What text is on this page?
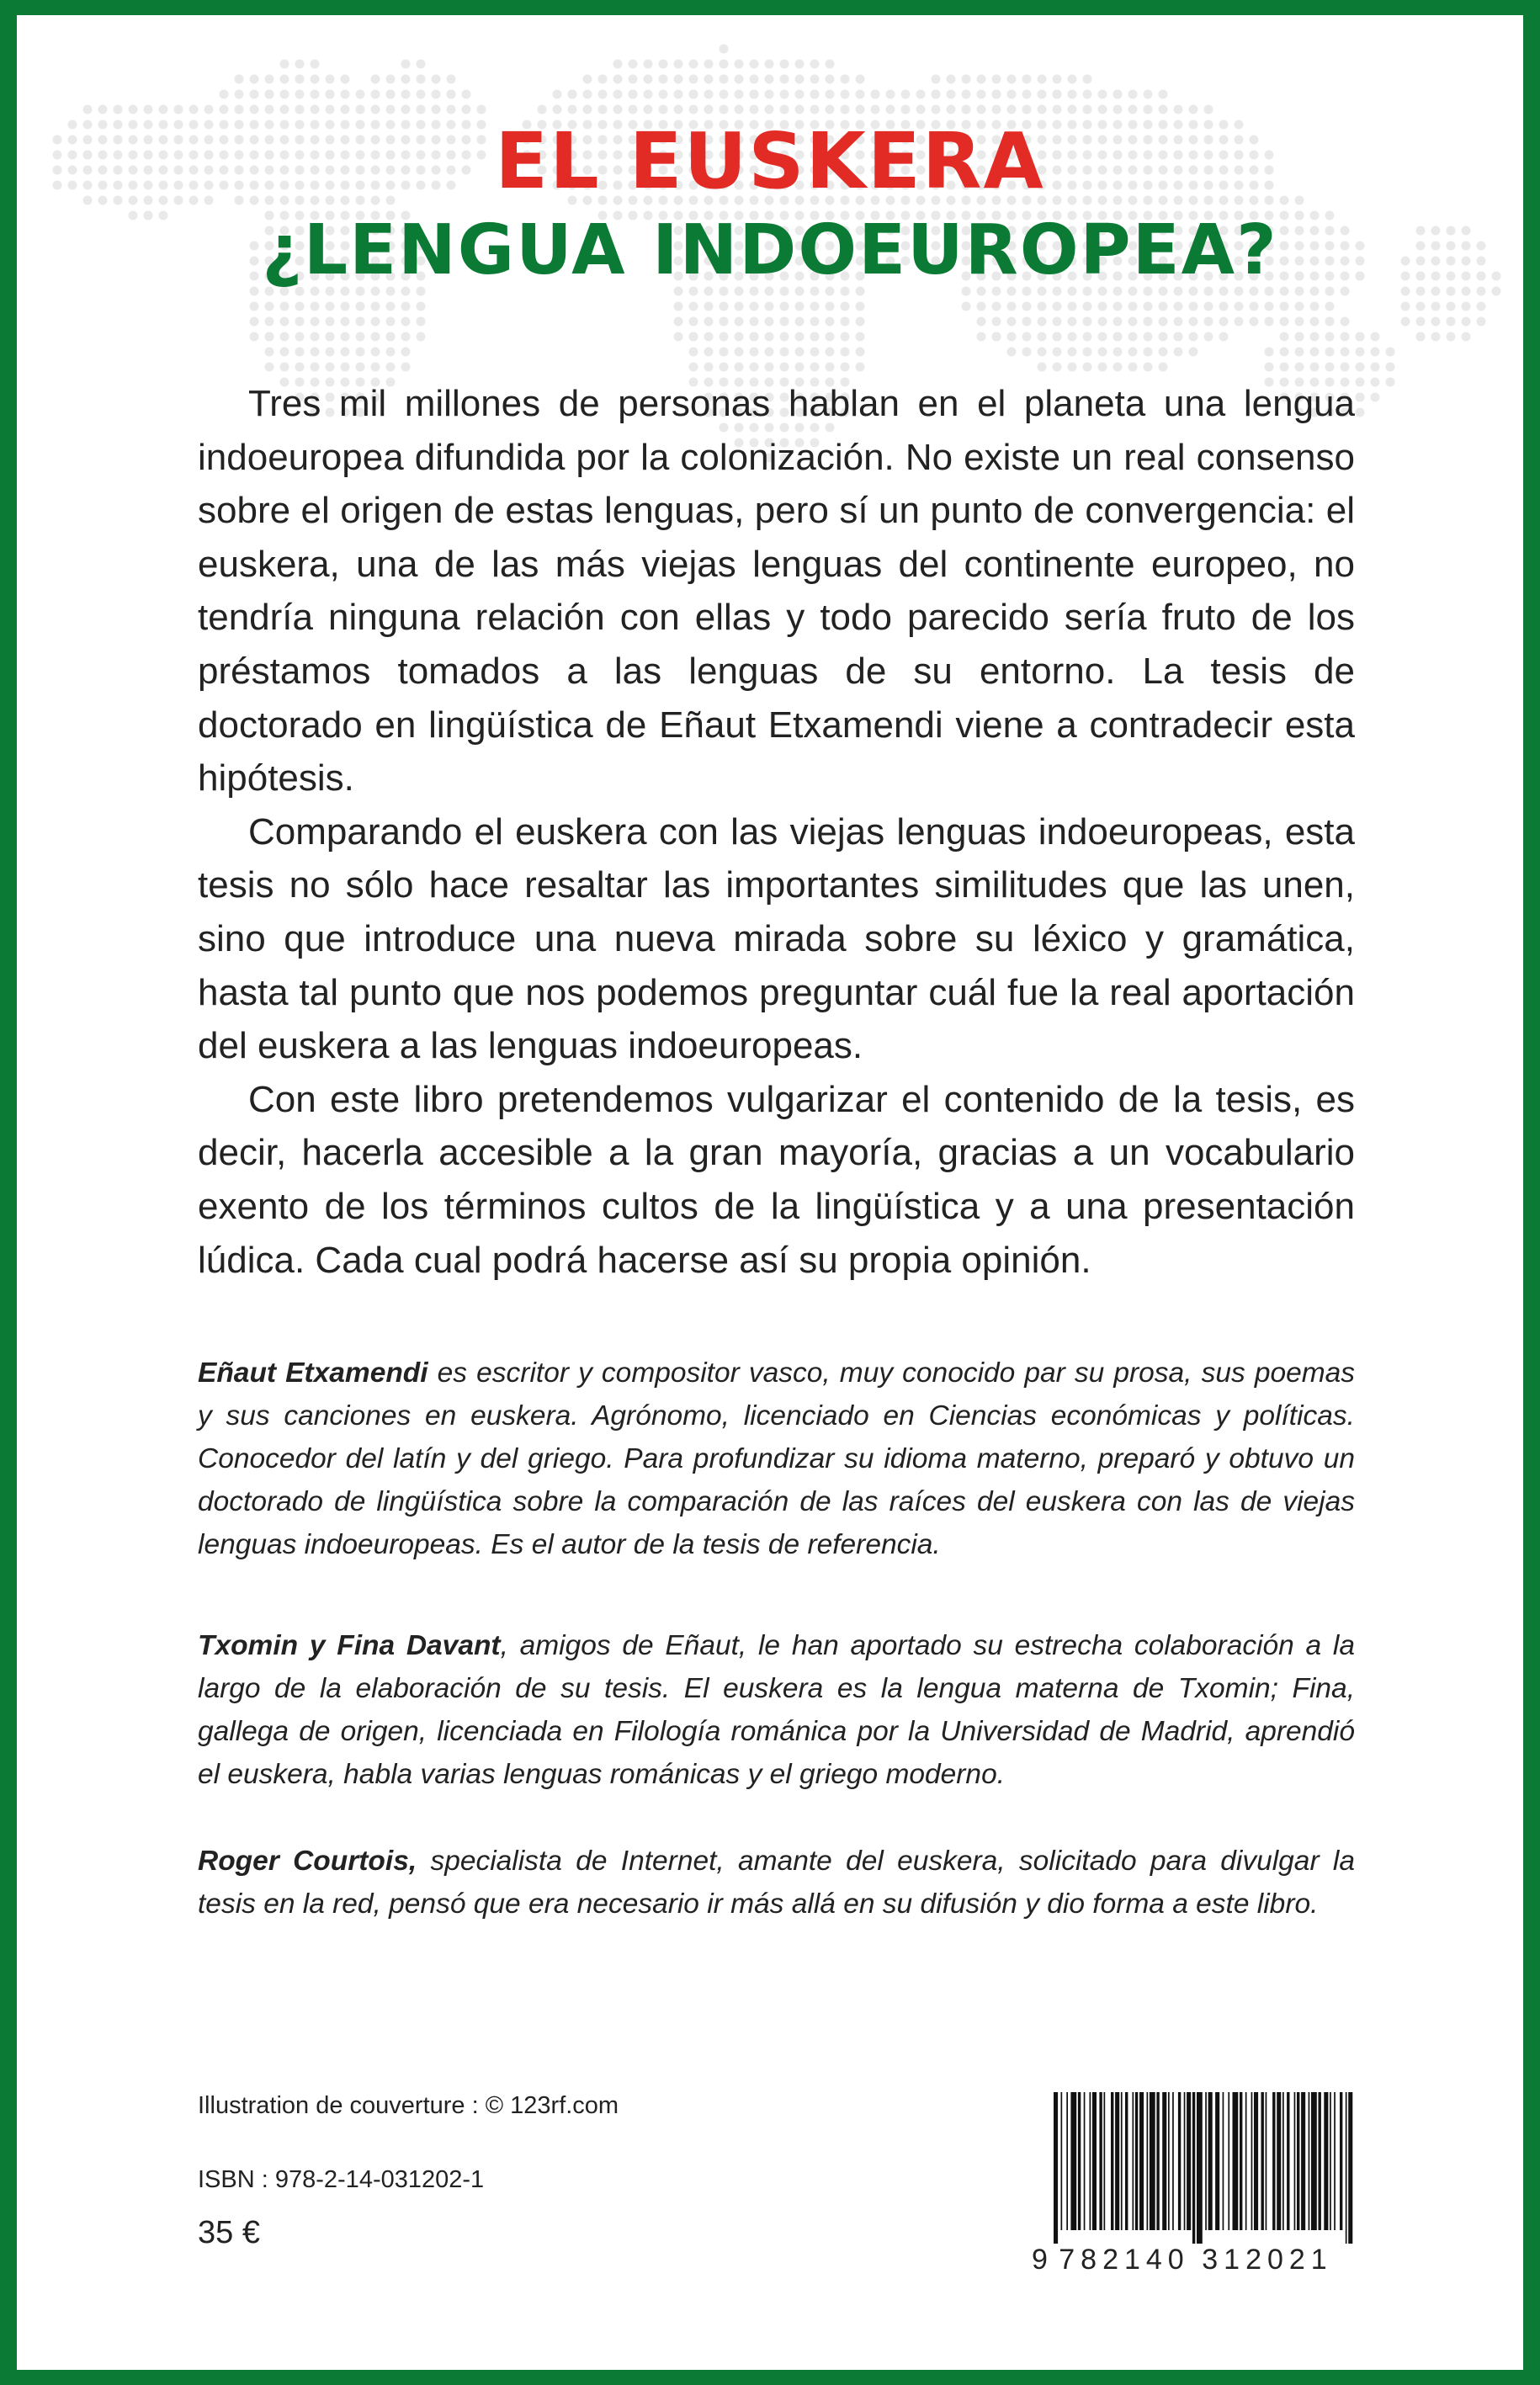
EL EUSKERA
¿LENGUA INDOEUROPEA?

Tres mil millones de personas hablan en el planeta una lengua indoeuropea difundida por la colonización. No existe un real consenso sobre el origen de estas lenguas, pero sí un punto de convergencia: el euskera, una de las más viejas lenguas del continente europeo, no tendría ninguna relación con ellas y todo parecido sería fruto de los préstamos tomados a las lenguas de su entorno. La tesis de doctorado en lingüística de Eñaut Etxamendi viene a contradecir esta hipótesis.

Comparando el euskera con las viejas lenguas indoeuropeas, esta tesis no sólo hace resaltar las importantes similitudes que las unen, sino que introduce una nueva mirada sobre su léxico y gramática, hasta tal punto que nos podemos preguntar cuál fue la real aportación del euskera a las lenguas indoeuropeas.

Con este libro pretendemos vulgarizar el contenido de la tesis, es decir, hacerla accesible a la gran mayoría, gracias a un vocabulario exento de los términos cultos de la lingüística y a una presentación lúdica. Cada cual podrá hacerse así su propia opinión.

Eñaut Etxamendi es escritor y compositor vasco, muy conocido par su prosa, sus poemas y sus canciones en euskera. Agrónomo, licenciado en Ciencias económicas y políticas. Conocedor del latín y del griego. Para profundizar su idioma materno, preparó y obtuvo un doctorado de lingüística sobre la comparación de las raíces del euskera con las de viejas lenguas indoeuropeas. Es el autor de la tesis de referencia.

Txomin y Fina Davant, amigos de Eñaut, le han aportado su estrecha colaboración a la largo de la elaboración de su tesis. El euskera es la lengua materna de Txomin; Fina, gallega de origen, licenciada en Filología románica por la Universidad de Madrid, aprendió el euskera, habla varias lenguas románicas y el griego moderno.

Roger Courtois, specialista de Internet, amante del euskera, solicitado para divulgar la tesis en la red, pensó que era necesario ir más allá en su difusión y dio forma a este libro.

Illustration de couverture : © 123rf.com

ISBN : 978-2-14-031202-1

35 €

9 782140 312021
